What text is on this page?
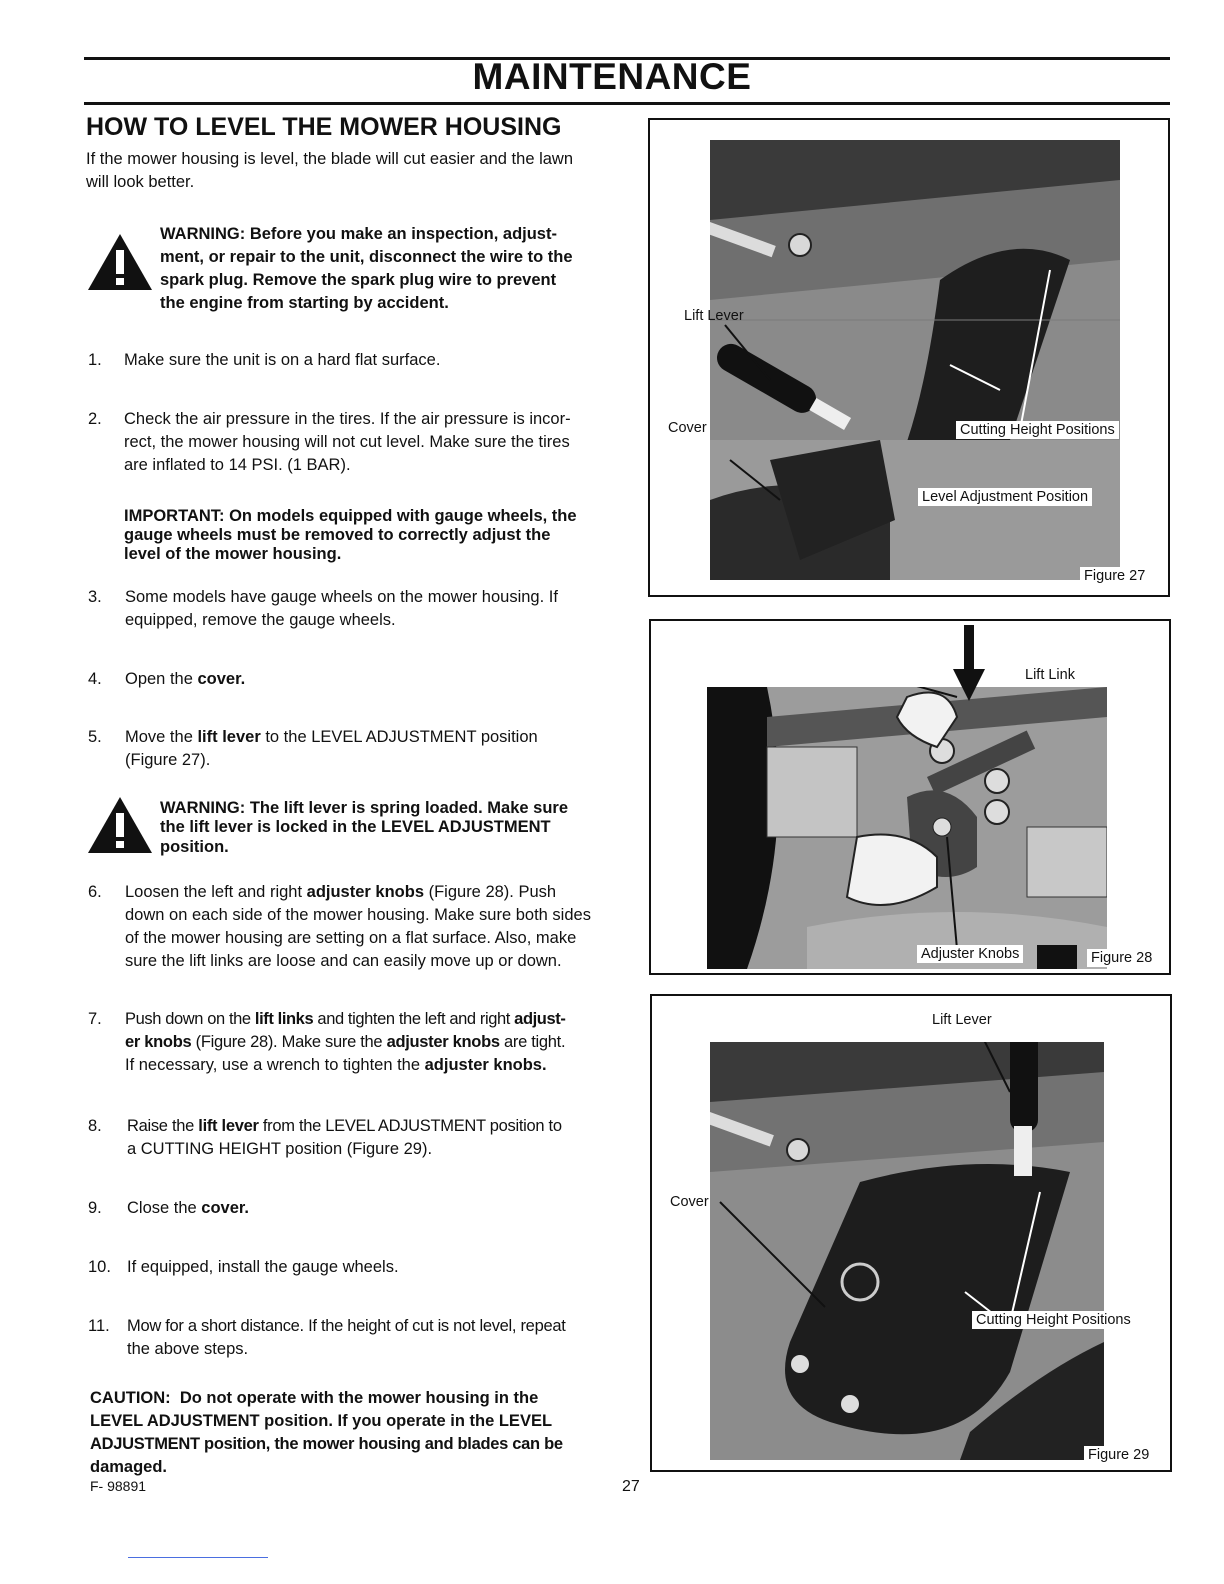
MAINTENANCE
HOW TO LEVEL THE MOWER HOUSING
If the mower housing is level, the blade will cut easier and the lawn
will look better.
WARNING: Before you make an inspection, adjust-
ment, or repair to the unit, disconnect the wire to the
spark plug. Remove the spark plug wire to prevent
the engine from starting by accident.
1. Make sure the unit is on a hard flat surface.
2. Check the air pressure in the tires. If the air pressure is incor-
rect, the mower housing will not cut level. Make sure the tires
are inflated to 14 PSI. (1 BAR).
IMPORTANT: On models equipped with gauge wheels, the
gauge wheels must be removed to correctly adjust the
level of the mower housing.
3. Some models have gauge wheels on the mower housing. If
equipped, remove the gauge wheels.
4. Open the cover.
5. Move the lift lever to the LEVEL ADJUSTMENT position
(Figure 27).
WARNING: The lift lever is spring loaded. Make sure
the lift lever is locked in the LEVEL ADJUSTMENT
position.
6. Loosen the left and right adjuster knobs (Figure 28). Push
down on each side of the mower housing. Make sure both sides
of the mower housing are setting on a flat surface. Also, make
sure the lift links are loose and can easily move up or down.
7. Push down on the lift links and tighten the left and right adjust-
er knobs (Figure 28). Make sure the adjuster knobs are tight.
If necessary, use a wrench to tighten the adjuster knobs.
8. Raise the lift lever from the LEVEL ADJUSTMENT position to
a CUTTING HEIGHT position (Figure 29).
9. Close the cover.
10. If equipped, install the gauge wheels.
11. Mow for a short distance. If the height of cut is not level, repeat
the above steps.
CAUTION:  Do not operate with the mower housing in the
LEVEL ADJUSTMENT position. If you operate in the LEVEL
ADJUSTMENT position, the mower housing and blades can be
damaged.
F- 98891	27
Lift Lever
Cover	Cutting Height Positions
Level Adjustment Position
Figure 27
Lift Link
Adjuster Knobs	Figure 28
Lift Lever
Cover
Cutting Height Positions
Figure 29
